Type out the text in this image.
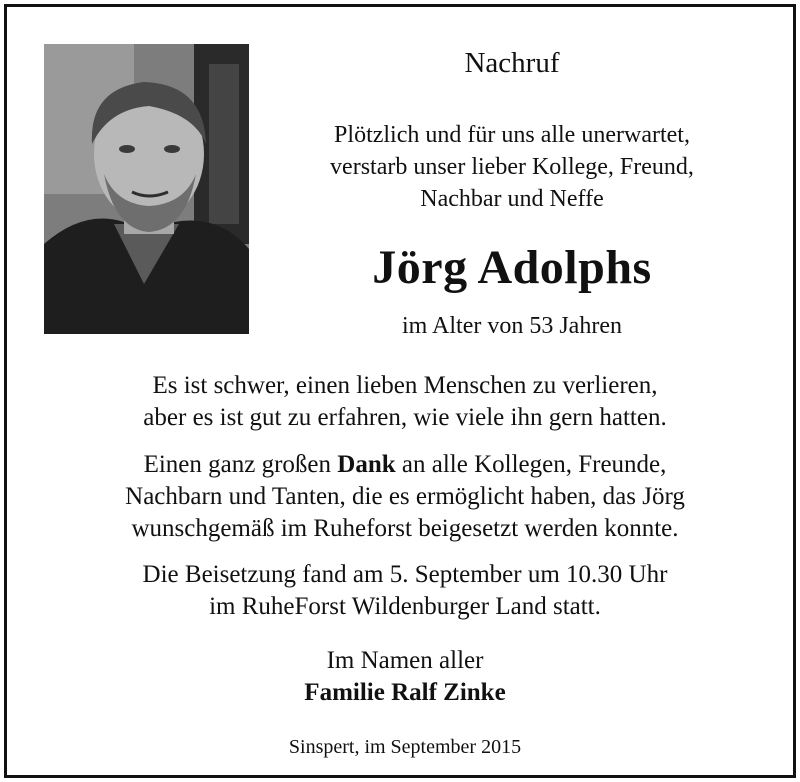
Nachruf
Plötzlich und für uns alle unerwartet,
verstarb unser lieber Kollege, Freund,
Nachbar und Neffe
Jörg Adolphs
im Alter von 53 Jahren
Es ist schwer, einen lieben Menschen zu verlieren,
aber es ist gut zu erfahren, wie viele ihn gern hatten.
Einen ganz großen Dank an alle Kollegen, Freunde,
Nachbarn und Tanten, die es ermöglicht haben, das Jörg
wunschgemäß im Ruheforst beigesetzt werden konnte.
Die Beisetzung fand am 5. September um 10.30 Uhr
im RuheForst Wildenburger Land statt.
Im Namen aller
Familie Ralf Zinke
Sinspert, im September 2015
